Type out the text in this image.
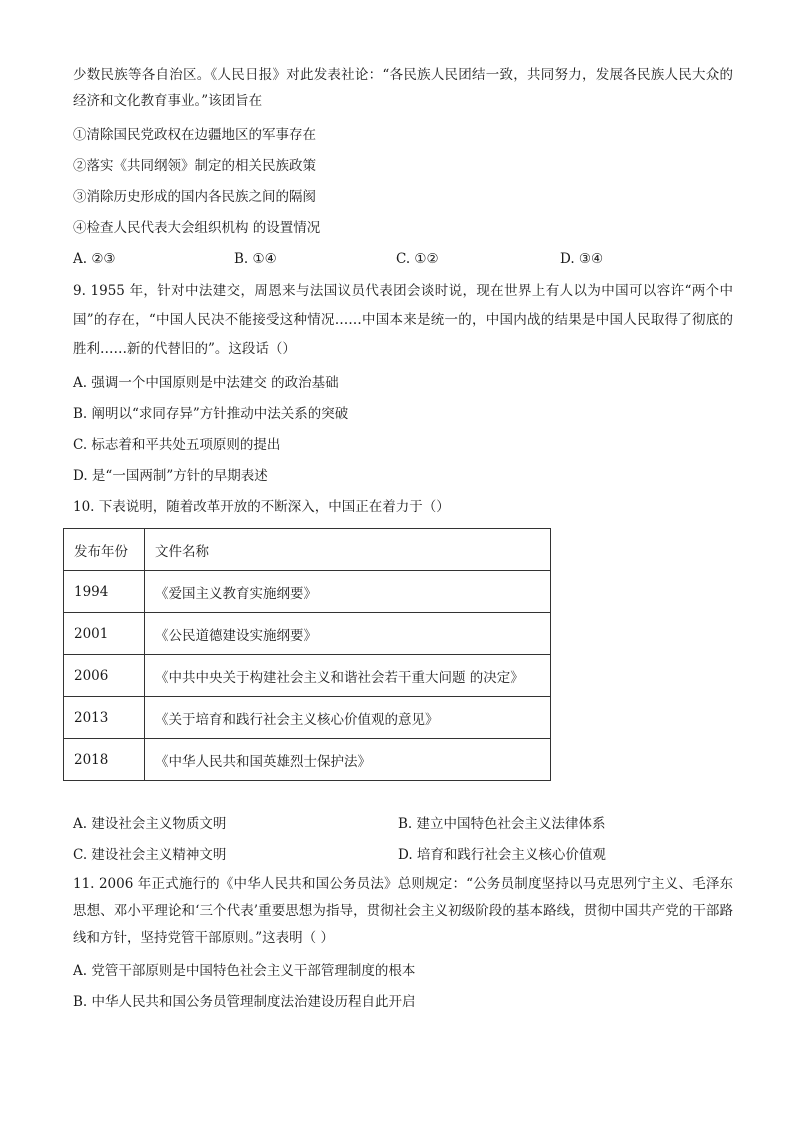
少数民族等各自治区。《人民日报》对此发表社论：“各民族人民团结一致，共同努力，发展各民族人民大众的经济和文化教育事业。”该团旨在

①清除国民党政权在边疆地区的军事存在
②落实《共同纲领》制定的相关民族政策
③消除历史形成的国内各民族之间的隔阂
④检查人民代表大会组织机构 的设置情况
A. ②③	B. ①④	C. ①②	D. ③④

9. 1955 年，针对中法建交，周恩来与法国议员代表团会谈时说，现在世界上有人以为中国可以容许“两个中国”的存在，“中国人民决不能接受这种情况……中国本来是统一的，中国内战的结果是中国人民取得了彻底的胜利……新的代替旧的”。这段话（）

A. 强调一个中国原则是中法建交 的政治基础
B. 阐明以“求同存异”方针推动中法关系的突破
C. 标志着和平共处五项原则的提出
D. 是“一国两制”方针的早期表述
10. 下表说明，随着改革开放的不断深入，中国正在着力于（）
发布年份	文件名称
1994	《爱国主义教育实施纲要》
2001	《公民道德建设实施纲要》
2006	《中共中央关于构建社会主义和谐社会若干重大问题 的决定》
2013	《关于培育和践行社会主义核心价值观的意见》
2018	《中华人民共和国英雄烈士保护法》
A. 建设社会主义物质文明	B. 建立中国特色社会主义法律体系
C. 建设社会主义精神文明	D. 培育和践行社会主义核心价值观

11. 2006 年正式施行的《中华人民共和国公务员法》总则规定：“公务员制度坚持以马克思列宁主义、毛泽东思想、邓小平理论和‘三个代表’重要思想为指导，贯彻社会主义初级阶段的基本路线，贯彻中国共产党的干部路线和方针，坚持党管干部原则。”这表明（ ）

A. 党管干部原则是中国特色社会主义干部管理制度的根本
B. 中华人民共和国公务员管理制度法治建设历程自此开启
